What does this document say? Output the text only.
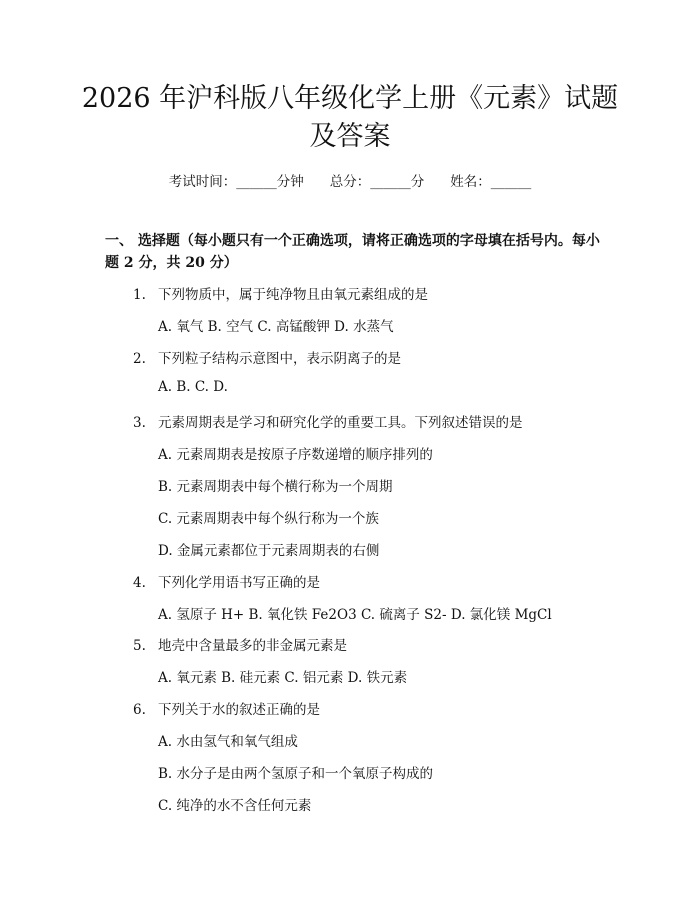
2026 年沪科版八年级化学上册《元素》试题
及答案
考试时间：______分钟 总分：______分 姓名：______

一、 选择题（每小题只有一个正确选项，请将正确选项的字母填在括号内。每小题 2 分，共 20 分）

1. 下列物质中，属于纯净物且由氧元素组成的是
A. 氧气 B. 空气 C. 高锰酸钾 D. 水蒸气
2. 下列粒子结构示意图中，表示阴离子的是
A. B. C. D.
3. 元素周期表是学习和研究化学的重要工具。下列叙述错误的是
A. 元素周期表是按原子序数递增的顺序排列的
B. 元素周期表中每个横行称为一个周期
C. 元素周期表中每个纵行称为一个族
D. 金属元素都位于元素周期表的右侧
4. 下列化学用语书写正确的是
A. 氢原子 H+ B. 氧化铁 Fe2O3 C. 硫离子 S2- D. 氯化镁 MgCl
5. 地壳中含量最多的非金属元素是
A. 氧元素 B. 硅元素 C. 铝元素 D. 铁元素
6. 下列关于水的叙述正确的是
A. 水由氢气和氧气组成
B. 水分子是由两个氢原子和一个氧原子构成的
C. 纯净的水不含任何元素
